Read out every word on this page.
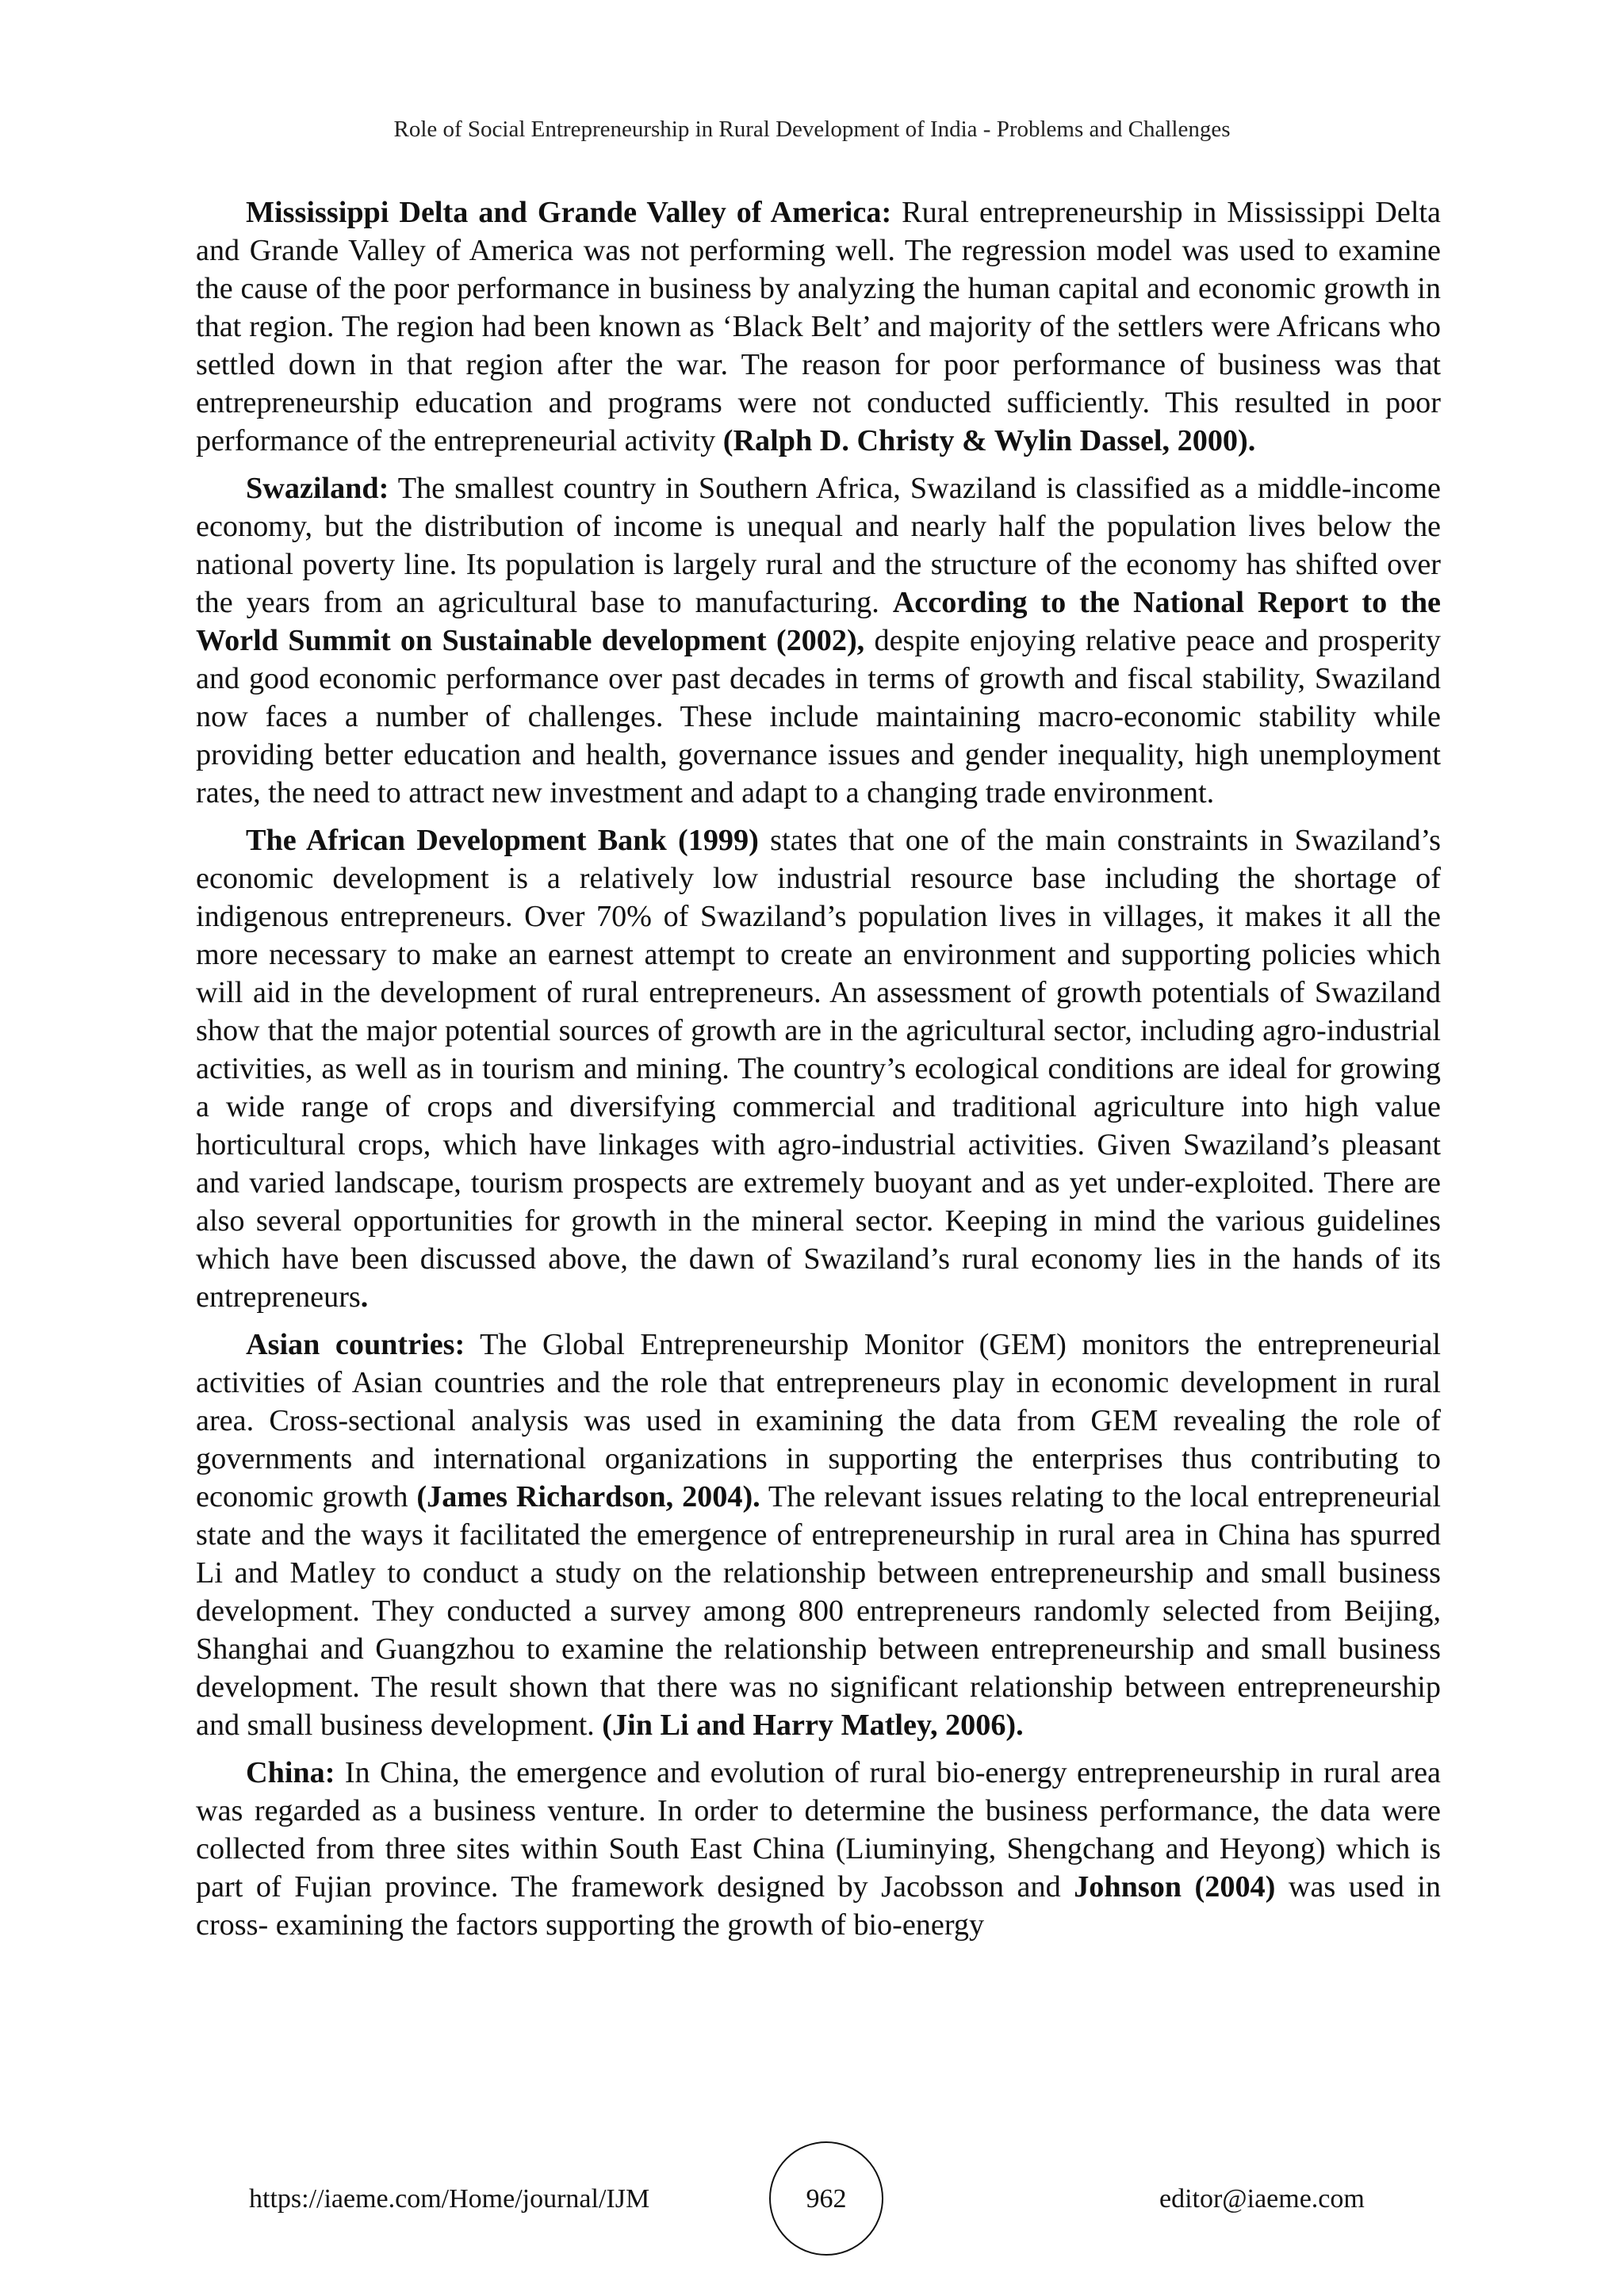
Role of Social Entrepreneurship in Rural Development of India - Problems and Challenges

Mississippi Delta and Grande Valley of America: Rural entrepreneurship in Mississippi Delta and Grande Valley of America was not performing well. The regression model was used to examine the cause of the poor performance in business by analyzing the human capital and economic growth in that region. The region had been known as ‘Black Belt’ and majority of the settlers were Africans who settled down in that region after the war. The reason for poor performance of business was that entrepreneurship education and programs were not conducted sufficiently. This resulted in poor performance of the entrepreneurial activity (Ralph D. Christy & Wylin Dassel, 2000).

Swaziland: The smallest country in Southern Africa, Swaziland is classified as a middle-income economy, but the distribution of income is unequal and nearly half the population lives below the national poverty line. Its population is largely rural and the structure of the economy has shifted over the years from an agricultural base to manufacturing. According to the National Report to the World Summit on Sustainable development (2002), despite enjoying relative peace and prosperity and good economic performance over past decades in terms of growth and fiscal stability, Swaziland now faces a number of challenges. These include maintaining macro-economic stability while providing better education and health, governance issues and gender inequality, high unemployment rates, the need to attract new investment and adapt to a changing trade environment.

The African Development Bank (1999) states that one of the main constraints in Swaziland’s economic development is a relatively low industrial resource base including the shortage of indigenous entrepreneurs. Over 70% of Swaziland’s population lives in villages, it makes it all the more necessary to make an earnest attempt to create an environment and supporting policies which will aid in the development of rural entrepreneurs. An assessment of growth potentials of Swaziland show that the major potential sources of growth are in the agricultural sector, including agro-industrial activities, as well as in tourism and mining. The country’s ecological conditions are ideal for growing a wide range of crops and diversifying commercial and traditional agriculture into high value horticultural crops, which have linkages with agro-industrial activities. Given Swaziland’s pleasant and varied landscape, tourism prospects are extremely buoyant and as yet under-exploited. There are also several opportunities for growth in the mineral sector. Keeping in mind the various guidelines which have been discussed above, the dawn of Swaziland’s rural economy lies in the hands of its entrepreneurs.

Asian countries: The Global Entrepreneurship Monitor (GEM) monitors the entrepreneurial activities of Asian countries and the role that entrepreneurs play in economic development in rural area. Cross-sectional analysis was used in examining the data from GEM revealing the role of governments and international organizations in supporting the enterprises thus contributing to economic growth (James Richardson, 2004). The relevant issues relating to the local entrepreneurial state and the ways it facilitated the emergence of entrepreneurship in rural area in China has spurred Li and Matley to conduct a study on the relationship between entrepreneurship and small business development. They conducted a survey among 800 entrepreneurs randomly selected from Beijing, Shanghai and Guangzhou to examine the relationship between entrepreneurship and small business development. The result shown that there was no significant relationship between entrepreneurship and small business development. (Jin Li and Harry Matley, 2006).

China: In China, the emergence and evolution of rural bio-energy entrepreneurship in rural area was regarded as a business venture. In order to determine the business performance, the data were collected from three sites within South East China (Liuminying, Shengchang and Heyong) which is part of Fujian province. The framework designed by Jacobsson and Johnson (2004) was used in cross- examining the factors supporting the growth of bio-energy

https://iaeme.com/Home/journal/IJM	962	editor@iaeme.com
